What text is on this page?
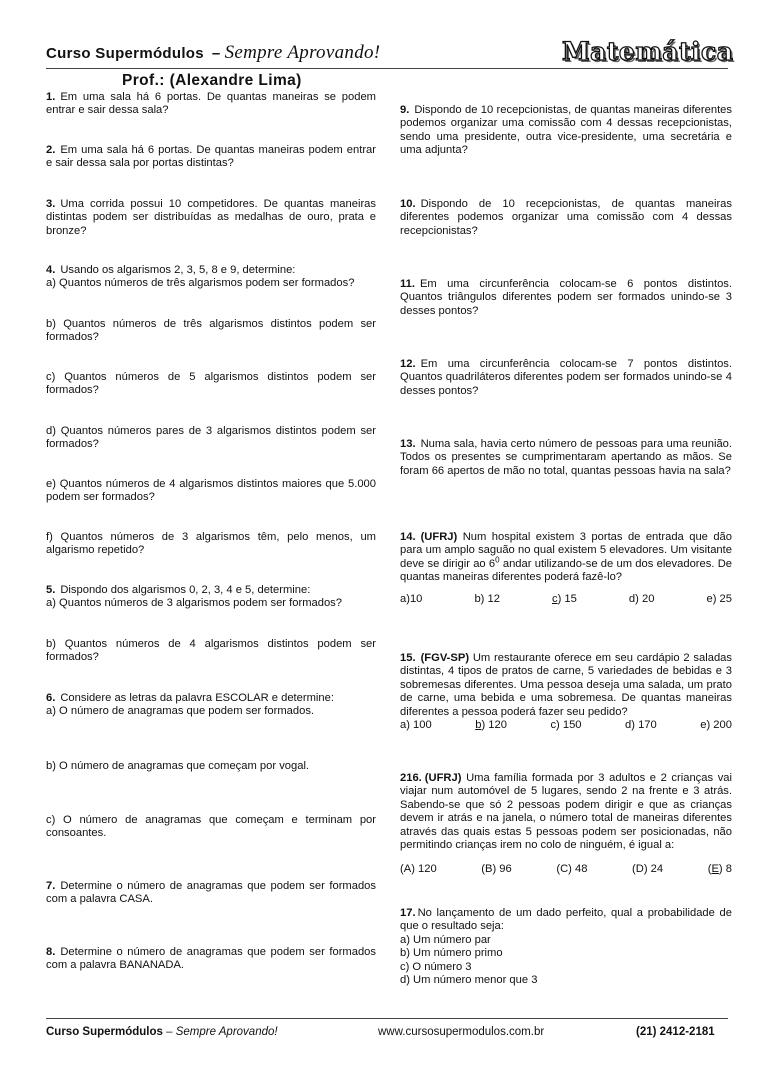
Curso Supermódulos – Sempre Aprovando!	Matemática
Prof.: (Alexandre Lima)

1. Em uma sala há 6 portas. De quantas maneiras se podem entrar e sair dessa sala?

2. Em uma sala há 6 portas. De quantas maneiras podem entrar e sair dessa sala por portas distintas?

3. Uma corrida possui 10 competidores. De quantas maneiras distintas podem ser distribuídas as medalhas de ouro, prata e bronze?

4. Usando os algarismos 2, 3, 5, 8 e 9, determine:

a) Quantos números de três algarismos podem ser formados?

b) Quantos números de três algarismos distintos podem ser formados?

c) Quantos números de 5 algarismos distintos podem ser formados?

d) Quantos números pares de 3 algarismos distintos podem ser formados?

e) Quantos números de 4 algarismos distintos maiores que 5.000 podem ser formados?

f) Quantos números de 3 algarismos têm, pelo menos, um algarismo repetido?

5. Dispondo dos algarismos 0, 2, 3, 4 e 5, determine:

a) Quantos números de 3 algarismos podem ser formados?

b) Quantos números de 4 algarismos distintos podem ser formados?

6. Considere as letras da palavra ESCOLAR e determine:

a) O número de anagramas que podem ser formados.

b) O número de anagramas que começam por vogal.

c) O número de anagramas que começam e terminam por consoantes.

7. Determine o número de anagramas que podem ser formados com a palavra CASA.

8. Determine o número de anagramas que podem ser formados com a palavra BANANADA.

9. Dispondo de 10 recepcionistas, de quantas maneiras diferentes podemos organizar uma comissão com 4 dessas recepcionistas, sendo uma presidente, outra vice-presidente, uma secretária e uma adjunta?

10. Dispondo de 10 recepcionistas, de quantas maneiras diferentes podemos organizar uma comissão com 4 dessas recepcionistas?

11. Em uma circunferência colocam-se 6 pontos distintos. Quantos triângulos diferentes podem ser formados unindo-se 3 desses pontos?

12. Em uma circunferência colocam-se 7 pontos distintos. Quantos quadriláteros diferentes podem ser formados unindo-se 4 desses pontos?

13. Numa sala, havia certo número de pessoas para uma reunião. Todos os presentes se cumprimentaram apertando as mãos. Se foram 66 apertos de mão no total, quantas pessoas havia na sala?

14. (UFRJ) Num hospital existem 3 portas de entrada que dão para um amplo saguão no qual existem 5 elevadores. Um visitante deve se dirigir ao $6^0$ andar utilizando-se de um dos elevadores. De quantas maneiras diferentes poderá fazê-lo?

a)10	b) 12	c) 15	d) 20	e) 25

15. (FGV-SP) Um restaurante oferece em seu cardápio 2 saladas distintas, 4 tipos de pratos de carne, 5 variedades de bebidas e 3 sobremesas diferentes. Uma pessoa deseja uma salada, um prato de carne, uma bebida e uma sobremesa. De quantas maneiras diferentes a pessoa poderá fazer seu pedido?

a) 100	b) 120	c) 150	d) 170	e) 200

216. (UFRJ) Uma família formada por 3 adultos e 2 crianças vai viajar num automóvel de 5 lugares, sendo 2 na frente e 3 atrás. Sabendo-se que só 2 pessoas podem dirigir e que as crianças devem ir atrás e na janela, o número total de maneiras diferentes através das quais estas 5 pessoas podem ser posicionadas, não permitindo crianças irem no colo de ninguém, é igual a:

(A) 120	(B) 96	(C) 48	(D) 24	(E) 8

17. No lançamento de um dado perfeito, qual a probabilidade de que o resultado seja:

a) Um número par

b) Um número primo

c) O número 3

d) Um número menor que 3

Curso Supermódulos – Sempre Aprovando!	www.cursosupermodulos.com.br	(21) 2412-2181
